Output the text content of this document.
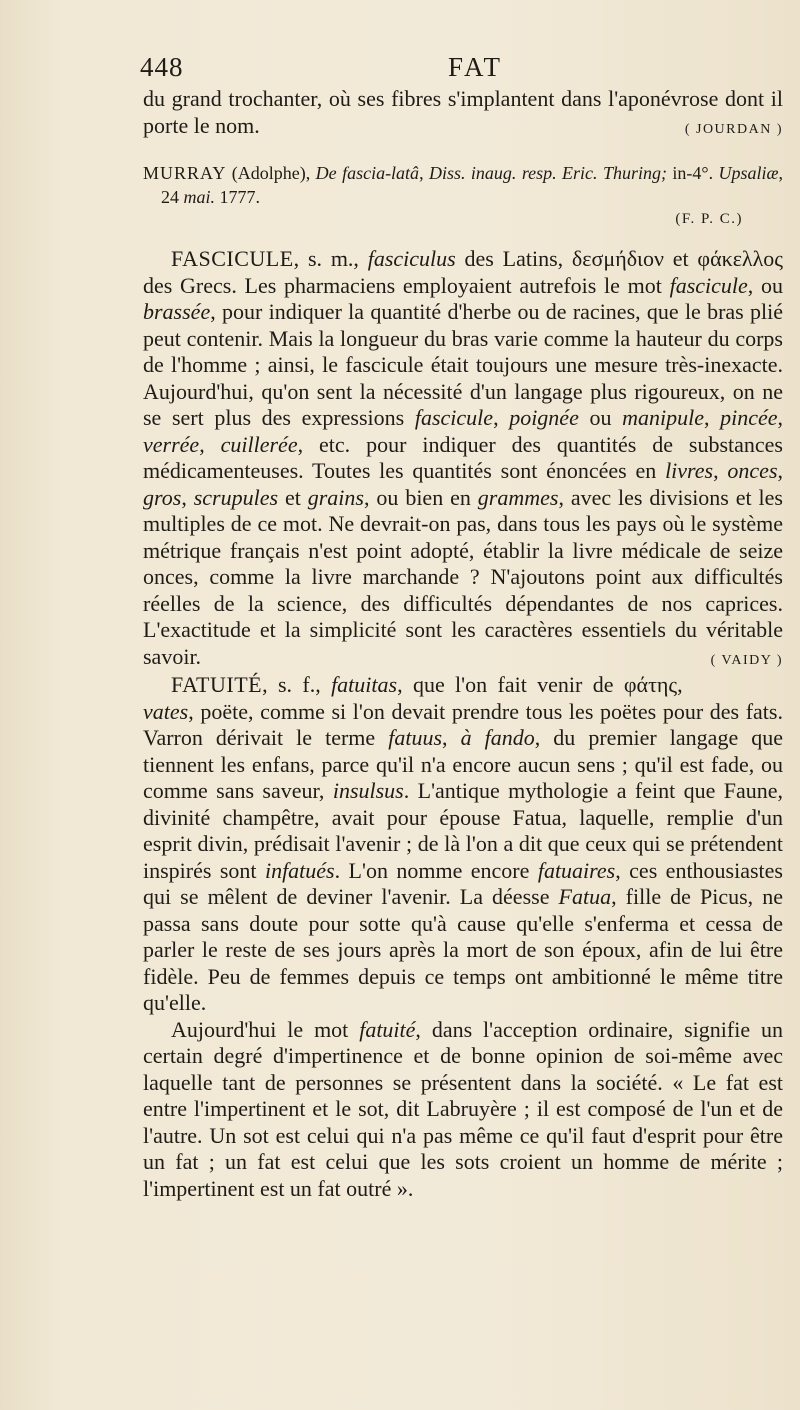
448	FAT

du grand trochanter, où ses fibres s'implantent dans l'aponévrose dont il porte le nom.	( JOURDAN )

MURRAY (Adolphe), De fascia-latâ, Diss. inaug. resp. Eric. Thuring; in-4°. Upsaliæ, 24 mai. 1777.

(F. P. C.)

FASCICULE, s. m., fasciculus des Latins, δεσμήδιον et φάκελλος des Grecs. Les pharmaciens employaient autrefois le mot fascicule, ou brassée, pour indiquer la quantité d'herbe ou de racines, que le bras plié peut contenir. Mais la longueur du bras varie comme la hauteur du corps de l'homme ; ainsi, le fascicule était toujours une mesure très-inexacte. Aujourd'hui, qu'on sent la nécessité d'un langage plus rigoureux, on ne se sert plus des expressions fascicule, poignée ou manipule, pincée, verrée, cuillerée, etc. pour indiquer des quantités de substances médicamenteuses. Toutes les quantités sont énoncées en livres, onces, gros, scrupules et grains, ou bien en grammes, avec les divisions et les multiples de ce mot. Ne devrait-on pas, dans tous les pays où le système métrique français n'est point adopté, établir la livre médicale de seize onces, comme la livre marchande ? N'ajoutons point aux difficultés réelles de la science, des difficultés dépendantes de nos caprices. L'exactitude et la simplicité sont les caractères essentiels du véritable savoir.	( VAIDY )

FATUITÉ, s. f., fatuitas, que l'on fait venir de φάτης, vates, poëte, comme si l'on devait prendre tous les poëtes pour des fats. Varron dérivait le terme fatuus, à fando, du premier langage que tiennent les enfans, parce qu'il n'a encore aucun sens ; qu'il est fade, ou comme sans saveur, insulsus. L'antique mythologie a feint que Faune, divinité champêtre, avait pour épouse Fatua, laquelle, remplie d'un esprit divin, prédisait l'avenir ; de là l'on a dit que ceux qui se prétendent inspirés sont infatués. L'on nomme encore fatuaires, ces enthousiastes qui se mêlent de deviner l'avenir. La déesse Fatua, fille de Picus, ne passa sans doute pour sotte qu'à cause qu'elle s'enferma et cessa de parler le reste de ses jours après la mort de son époux, afin de lui être fidèle. Peu de femmes depuis ce temps ont ambitionné le même titre qu'elle.

Aujourd'hui le mot fatuité, dans l'acception ordinaire, signifie un certain degré d'impertinence et de bonne opinion de soi-même avec laquelle tant de personnes se présentent dans la société. « Le fat est entre l'impertinent et le sot, dit Labruyère ; il est composé de l'un et de l'autre. Un sot est celui qui n'a pas même ce qu'il faut d'esprit pour être un fat ; un fat est celui que les sots croient un homme de mérite ; l'impertinent est un fat outré ».
